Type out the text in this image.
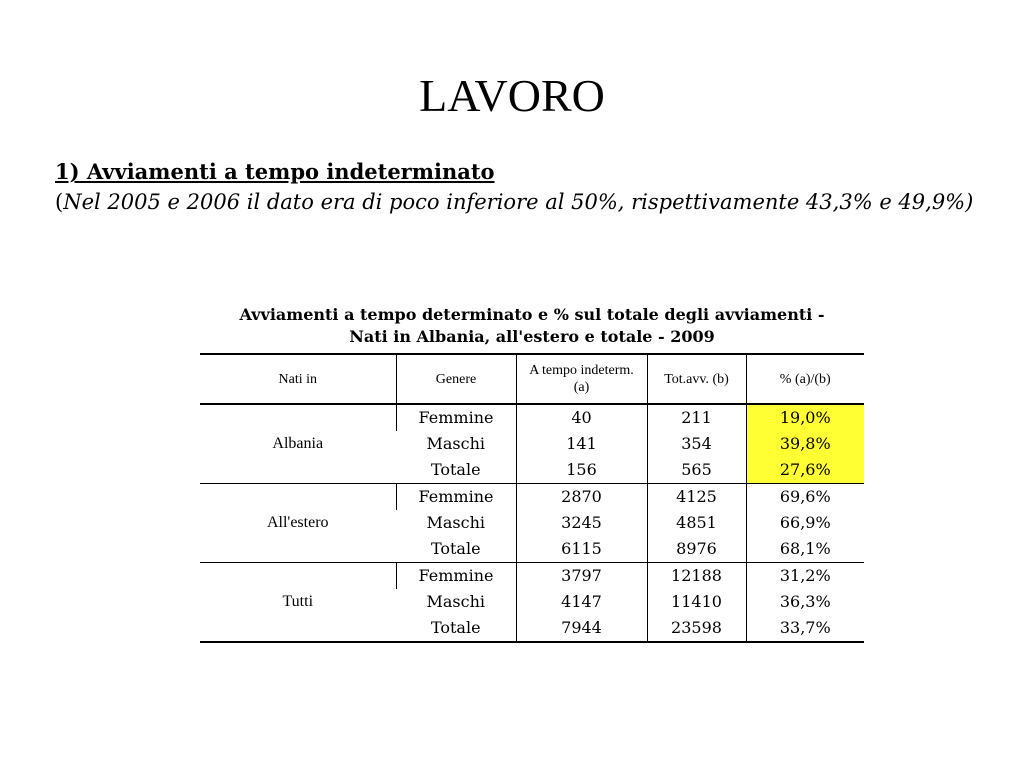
LAVORO
1) Avviamenti a tempo indeterminato
(Nel 2005 e 2006 il dato era di poco inferiore al 50%, rispettivamente 43,3% e 49,9%)
Avviamenti a tempo determinato e % sul totale degli avviamenti -
Nati in Albania, all'estero e totale - 2009
Nati in	Genere	A tempo indeterm. (a)	Tot.avv. (b)	% (a)/(b)
Albania	Femmine	40	211	19,0%
	Maschi	141	354	39,8%
	Totale	156	565	27,6%
All'estero	Femmine	2870	4125	69,6%
	Maschi	3245	4851	66,9%
	Totale	6115	8976	68,1%
Tutti	Femmine	3797	12188	31,2%
	Maschi	4147	11410	36,3%
	Totale	7944	23598	33,7%
